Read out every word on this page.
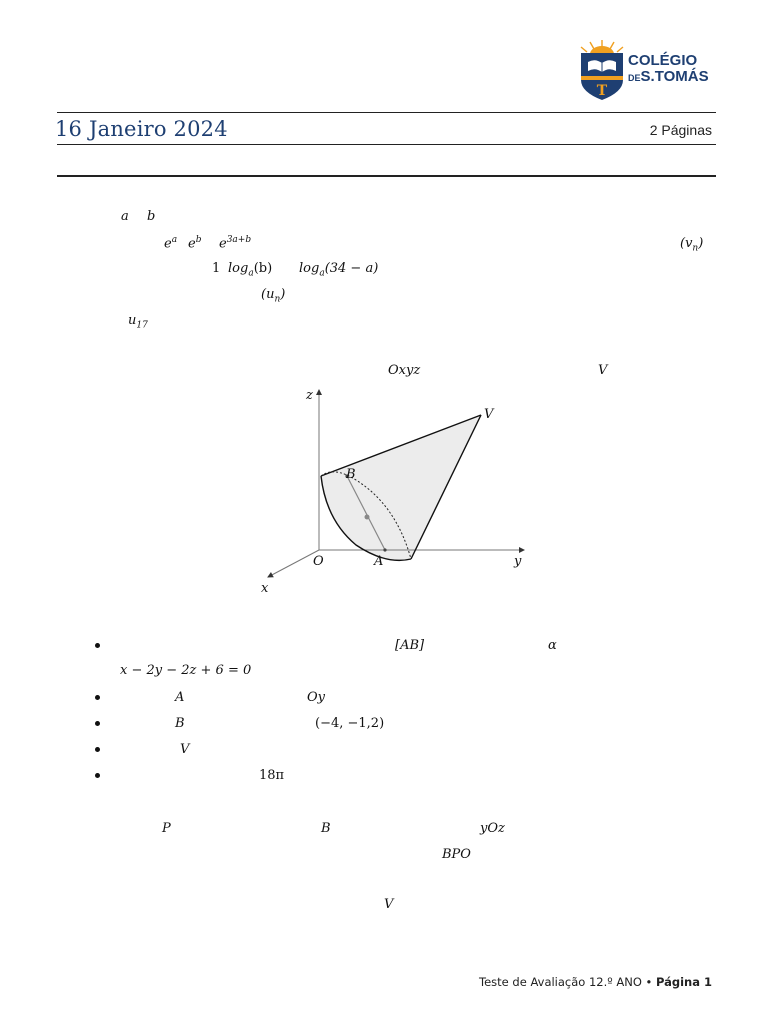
T
COLÉGIO
DES.TOMÁS
16 Janeiro 2024	2 Páginas
a b
$e^a$ $e^b$ $e^{3a+b}$	$(v_n)$
1 $\log_a(b) \log_a(34 - a)$
$(u_n)$
$u_{17}$
Oxyz	V
z
y
x
O	A
B
V
[AB]	α
x − 2y − 2z + 6 = 0
A	Oy
B	(−4, −1,2)
V
18π
P	B	yOz
BPO
V
Teste de Avaliação 12.º ANO • Página 1
